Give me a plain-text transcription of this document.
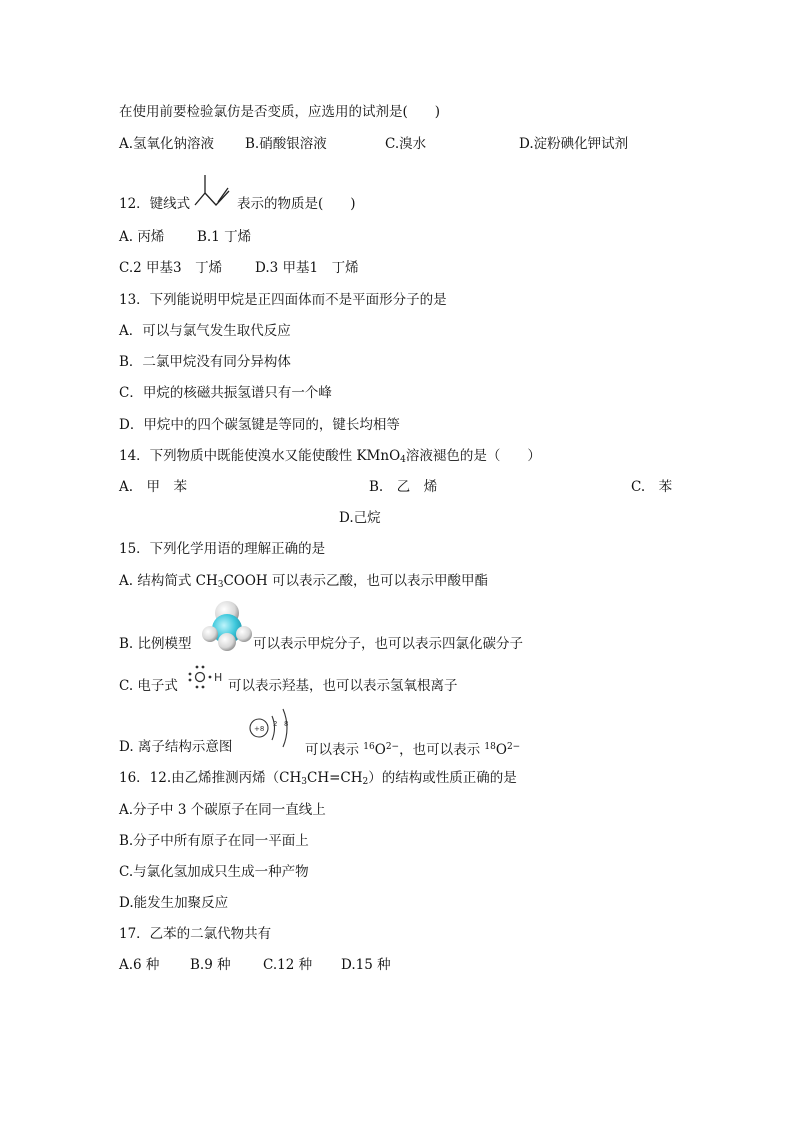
在使用前要检验氯仿是否变质，应选用的试剂是(　　)
A.氢氧化钠溶液 B.硝酸银溶液	C.溴水	D.淀粉碘化钾试剂
12．键线式	表示的物质是(　　)
A. 丙烯 B.1 丁烯
C.2 甲基3　丁烯 D.3 甲基1　丁烯
13．下列能说明甲烷是正四面体而不是平面形分子的是
A．可以与氯气发生取代反应
B．二氯甲烷没有同分异构体
C．甲烷的核磁共振氢谱只有一个峰
D．甲烷中的四个碳氢键是等同的，键长均相等
14．下列物质中既能使溴水又能使酸性 KMnO$_4$溶液褪色的是（　　）
A.　甲　苯	B.　乙　烯	C.　苯
D.己烷
15．下列化学用语的理解正确的是
A. 结构简式 $CH_3COOH$ 可以表示乙酸，也可以表示甲酸甲酯
B. 比例模型	可以表示甲烷分子，也可以表示四氯化碳分子
C. 电子式
H
可以表示羟基，也可以表示氢氧根离子
D. 离子结构示意图
+8
2 8
可以表示 $^{16}O^{2-}$，也可以表示 $^{18}O^{2-}$
16．12.由乙烯推测丙烯$(CH_3CH=CH_2)$的结构或性质正确的是
A.分子中 3 个碳原子在同一直线上
B.分子中所有原子在同一平面上
C.与氯化氢加成只生成一种产物
D.能发生加聚反应
17．乙苯的二氯代物共有
A.6 种 B.9 种 C.12 种 D.15 种
